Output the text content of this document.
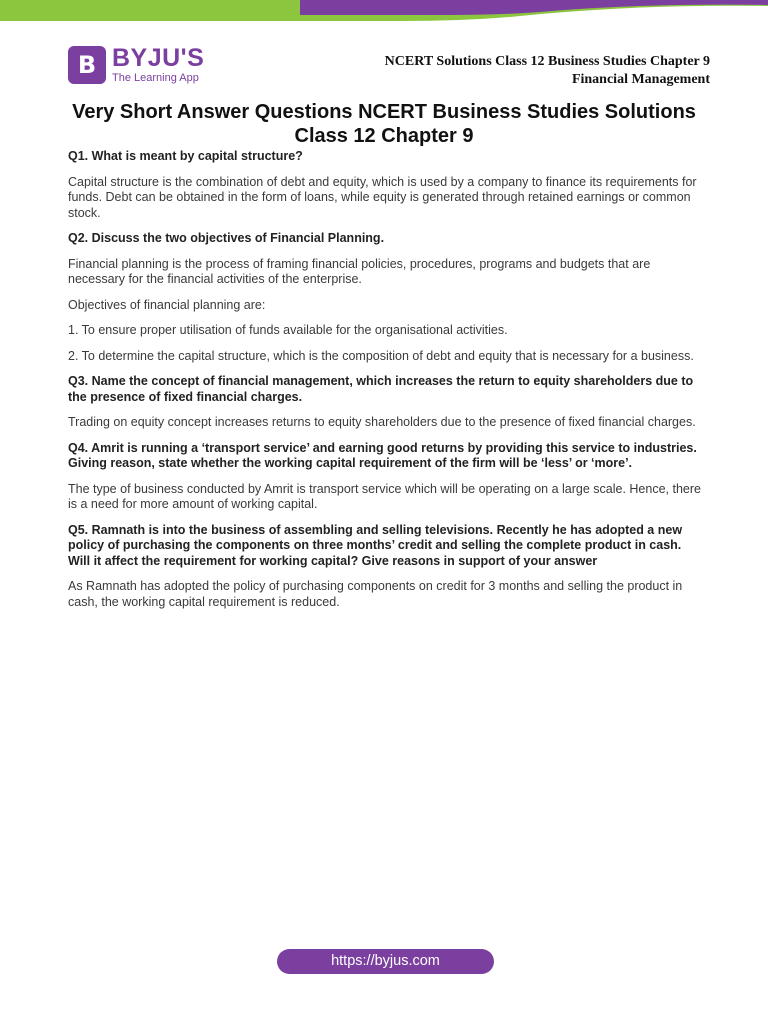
B BYJU'S
The Learning App
NCERT Solutions Class 12 Business Studies Chapter 9
Financial Management
Very Short Answer Questions NCERT Business Studies Solutions
Class 12 Chapter 9

Q1. What is meant by capital structure?

Capital structure is the combination of debt and equity, which is used by a company to finance its requirements for funds. Debt can be obtained in the form of loans, while equity is generated through retained earnings or common stock.

Q2. Discuss the two objectives of Financial Planning.

Financial planning is the process of framing financial policies, procedures, programs and budgets that are necessary for the financial activities of the enterprise.

Objectives of financial planning are:

1. To ensure proper utilisation of funds available for the organisational activities.

2. To determine the capital structure, which is the composition of debt and equity that is necessary for a business.

Q3. Name the concept of financial management, which increases the return to equity shareholders due to the presence of fixed financial charges.

Trading on equity concept increases returns to equity shareholders due to the presence of fixed financial charges.

Q4. Amrit is running a ‘transport service’ and earning good returns by providing this service to industries. Giving reason, state whether the working capital requirement of the firm will be ‘less’ or ‘more’.

The type of business conducted by Amrit is transport service which will be operating on a large scale. Hence, there is a need for more amount of working capital.

Q5. Ramnath is into the business of assembling and selling televisions. Recently he has adopted a new policy of purchasing the components on three months’ credit and selling the complete product in cash. Will it affect the requirement for working capital? Give reasons in support of your answer

As Ramnath has adopted the policy of purchasing components on credit for 3 months and selling the product in cash, the working capital requirement is reduced.

https://byjus.com
